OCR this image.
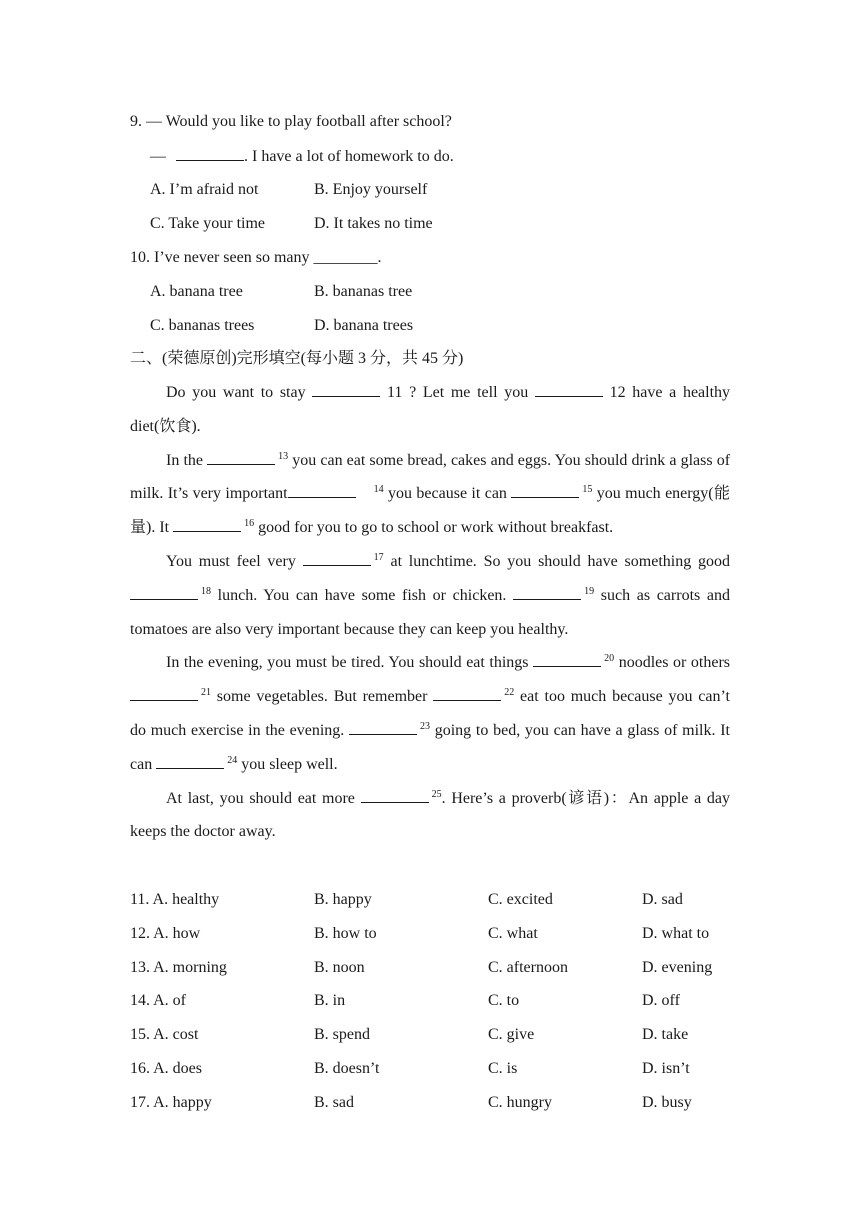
9. — Would you like to play football after school?
—	. I have a lot of homework to do.
A. I’m afraid not	B. Enjoy yourself
C. Take your time	D. It takes no time
10. I’ve never seen so many ________.
A. banana tree	B. bananas tree
C. bananas trees	D. banana trees
二、(荣德原创)完形填空(每小题 3 分，共 45 分)

Do you want to stay	11 ? Let me tell you	12 have a healthy diet(饮食).

In the	$^{13}$ you can eat some bread, cakes and eggs. You should drink a glass of milk. It’s very important	$^{14}$ you because it can	$^{15}$ you much energy(能量). It	$^{16}$ good for you to go to school or work without breakfast.

You must feel very	$^{17}$ at lunchtime. So you should have something good $^{18}$ lunch. You can have some fish or chicken.	$^{19}$ such as carrots and tomatoes are also very important because they can keep you healthy.

In the evening, you must be tired. You should eat things	$^{20}$ noodles or others $^{21}$ some vegetables. But remember	$^{22}$ eat too much because you can’t do much exercise in the evening.	$^{23}$ going to bed, you can have a glass of milk. It can	$^{24}$ you sleep well.

At last, you should eat more	$^{25}$. Here’s a proverb(谚语)：An apple a day keeps the doctor away.

11. A. healthy	B. happy	C. excited	D. sad
12. A. how	B. how to	C. what	D. what to
13. A. morning	B. noon	C. afternoon	D. evening
14. A. of	B. in	C. to	D. off
15. A. cost	B. spend	C. give	D. take
16. A. does	B. doesn’t	C. is	D. isn’t
17. A. happy	B. sad	C. hungry	D. busy
